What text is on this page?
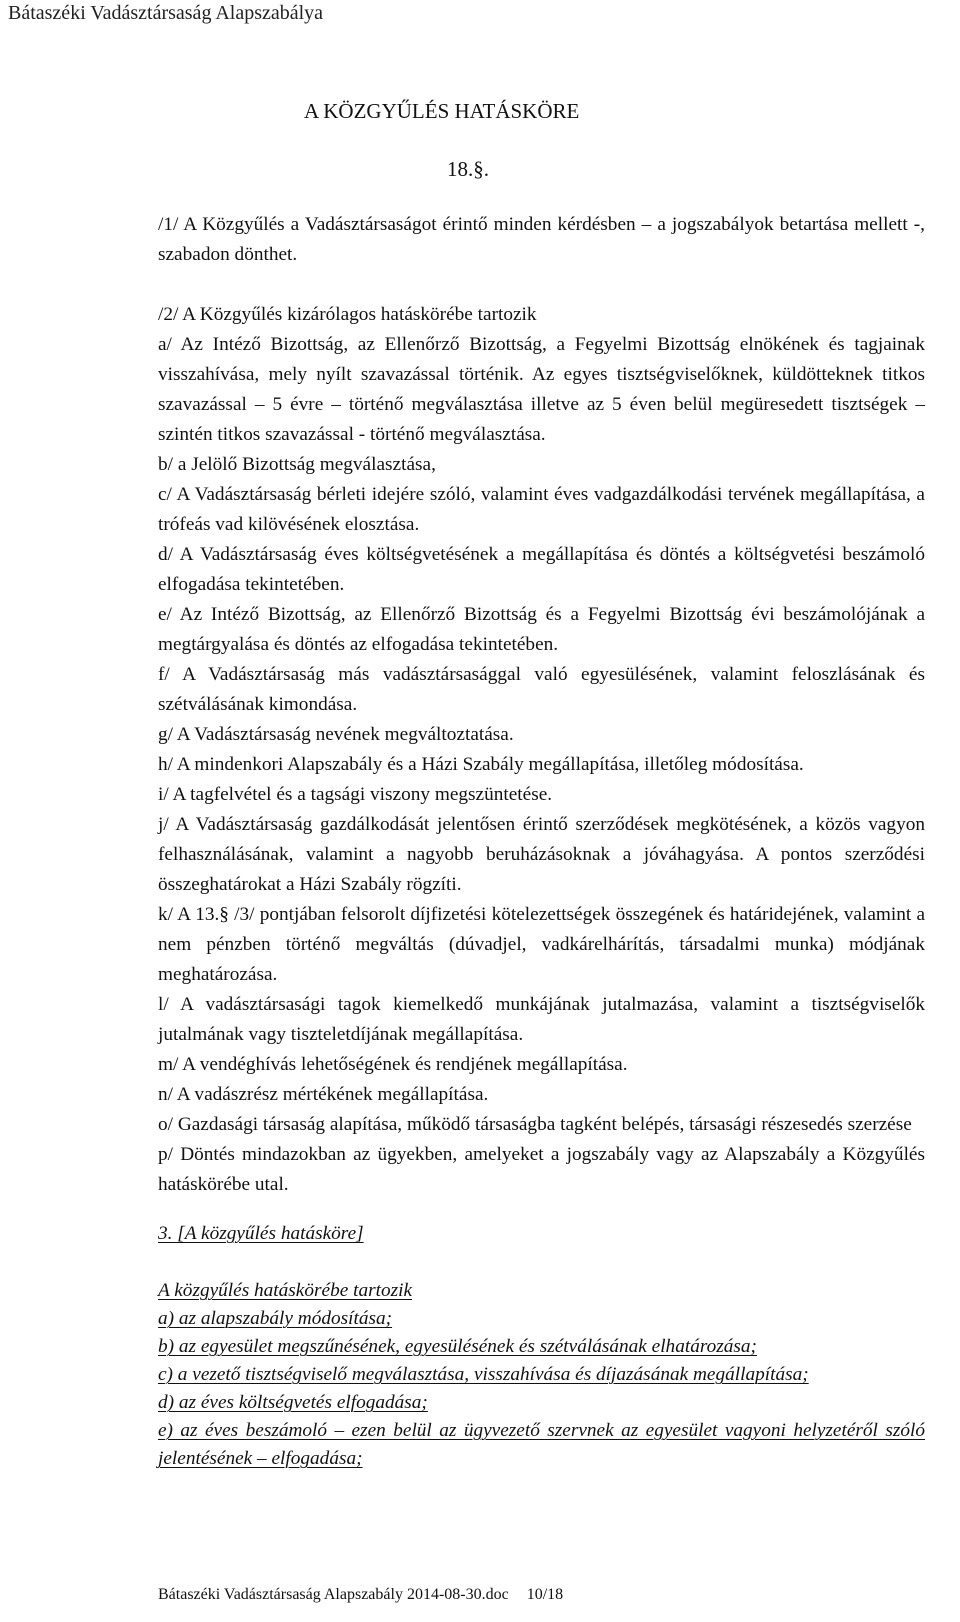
Bátaszéki Vadásztársaság Alapszabálya
A KÖZGYŰLÉS HATÁSKÖRE
18.§.

/1/ A Közgyűlés a Vadásztársaságot érintő minden kérdésben – a jogszabályok betartása mellett -, szabadon dönthet.

/2/ A Közgyűlés kizárólagos hatáskörébe tartozik

a/ Az Intéző Bizottság, az Ellenőrző Bizottság, a Fegyelmi Bizottság elnökének és tagjainak visszahívása, mely nyílt szavazással történik. Az egyes tisztségviselőknek, küldötteknek titkos szavazással – 5 évre – történő megválasztása illetve az 5 éven belül megüresedett tisztségek – szintén titkos szavazással - történő megválasztása.

b/ a Jelölő Bizottság megválasztása,

c/ A Vadásztársaság bérleti idejére szóló, valamint éves vadgazdálkodási tervének megállapítása, a trófeás vad kilövésének elosztása.

d/ A Vadásztársaság éves költségvetésének a megállapítása és döntés a költségvetési beszámoló elfogadása tekintetében.

e/ Az Intéző Bizottság, az Ellenőrző Bizottság és a Fegyelmi Bizottság évi beszámolójának a megtárgyalása és döntés az elfogadása tekintetében.

f/ A Vadásztársaság más vadásztársasággal való egyesülésének, valamint feloszlásának és szétválásának kimondása.

g/ A Vadásztársaság nevének megváltoztatása.

h/ A mindenkori Alapszabály és a Házi Szabály megállapítása, illetőleg módosítása.

i/ A tagfelvétel és a tagsági viszony megszüntetése.

j/ A Vadásztársaság gazdálkodását jelentősen érintő szerződések megkötésének, a közös vagyon felhasználásának, valamint a nagyobb beruházásoknak a jóváhagyása. A pontos szerződési összeghatárokat a Házi Szabály rögzíti.

k/ A 13.§ /3/ pontjában felsorolt díjfizetési kötelezettségek összegének és határidejének, valamint a nem pénzben történő megváltás (dúvadjel, vadkárelhárítás, társadalmi munka) módjának meghatározása.

l/ A vadásztársasági tagok kiemelkedő munkájának jutalmazása, valamint a tisztségviselők jutalmának vagy tiszteletdíjának megállapítása.

m/ A vendéghívás lehetőségének és rendjének megállapítása.

n/ A vadászrész mértékének megállapítása.

o/ Gazdasági társaság alapítása, működő társaságba tagként belépés, társasági részesedés szerzése

p/ Döntés mindazokban az ügyekben, amelyeket a jogszabály vagy az Alapszabály a Közgyűlés hatáskörébe utal.

3. [A közgyűlés hatásköre]

A közgyűlés hatáskörébe tartozik

a) az alapszabály módosítása;

b) az egyesület megszűnésének, egyesülésének és szétválásának elhatározása;

c) a vezető tisztségviselő megválasztása, visszahívása és díjazásának megállapítása;

d) az éves költségvetés elfogadása;

e) az éves beszámoló – ezen belül az ügyvezető szervnek az egyesület vagyoni helyzetéről szóló jelentésének – elfogadása;

Bátaszéki Vadásztársaság Alapszabály 2014-08-30.doc 10/18
